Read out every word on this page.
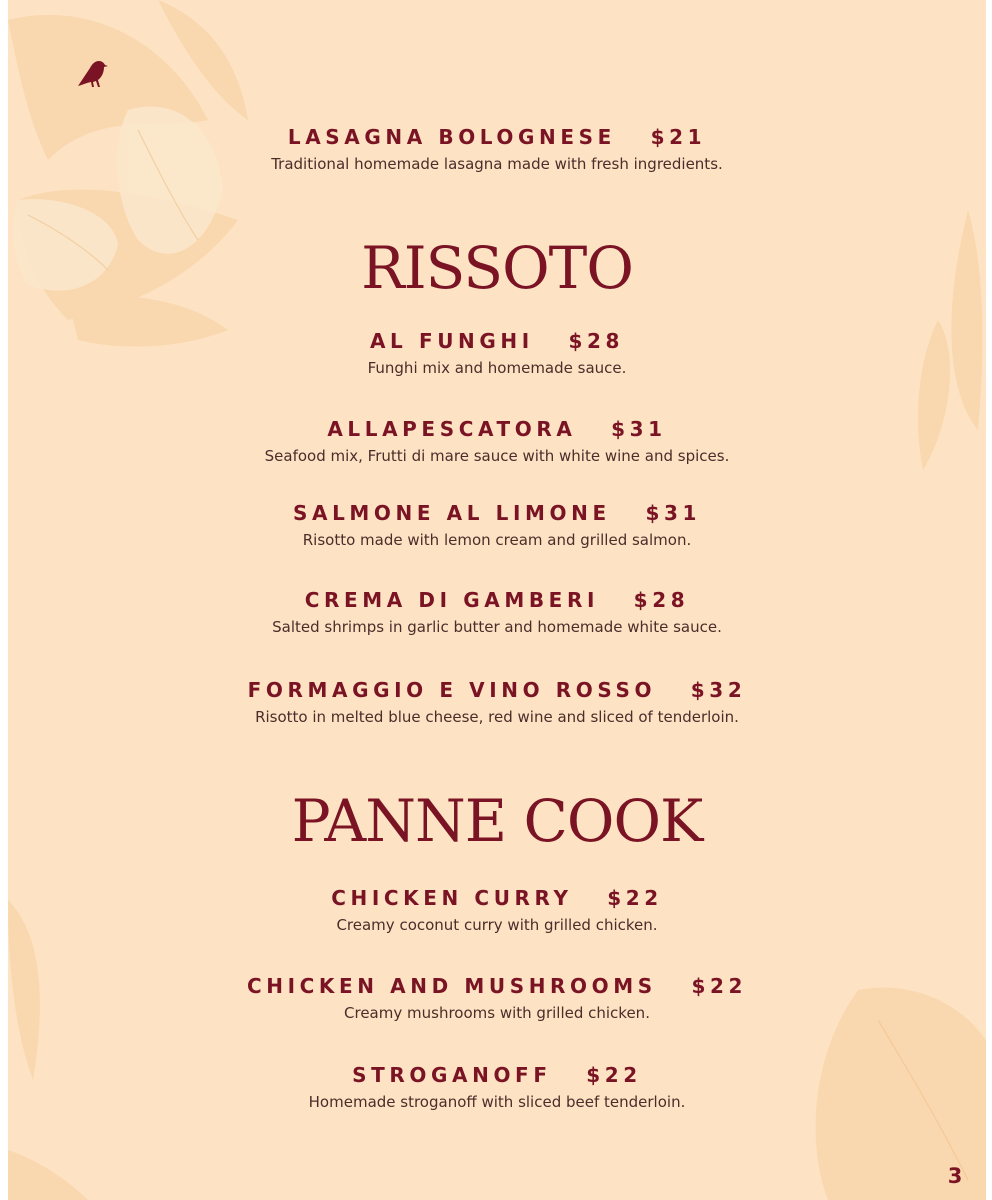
LASAGNA BOLOGNESE   $21
Traditional homemade lasagna made with fresh ingredients.
RISSOTO
AL FUNGHI   $28
Funghi mix and homemade sauce.
ALLAPESCATORA   $31
Seafood mix, Frutti di mare sauce with white wine and spices.
SALMONE AL LIMONE   $31
Risotto made with lemon cream and grilled salmon.
CREMA DI GAMBERI   $28
Salted shrimps in garlic butter and homemade white sauce.
FORMAGGIO E VINO ROSSO   $32
Risotto in melted blue cheese, red wine and sliced of tenderloin.
PANNE COOK
CHICKEN CURRY   $22
Creamy coconut curry with grilled chicken.
CHICKEN AND MUSHROOMS   $22
Creamy mushrooms with grilled chicken.
STROGANOFF   $22
Homemade stroganoff with sliced beef tenderloin.
3
